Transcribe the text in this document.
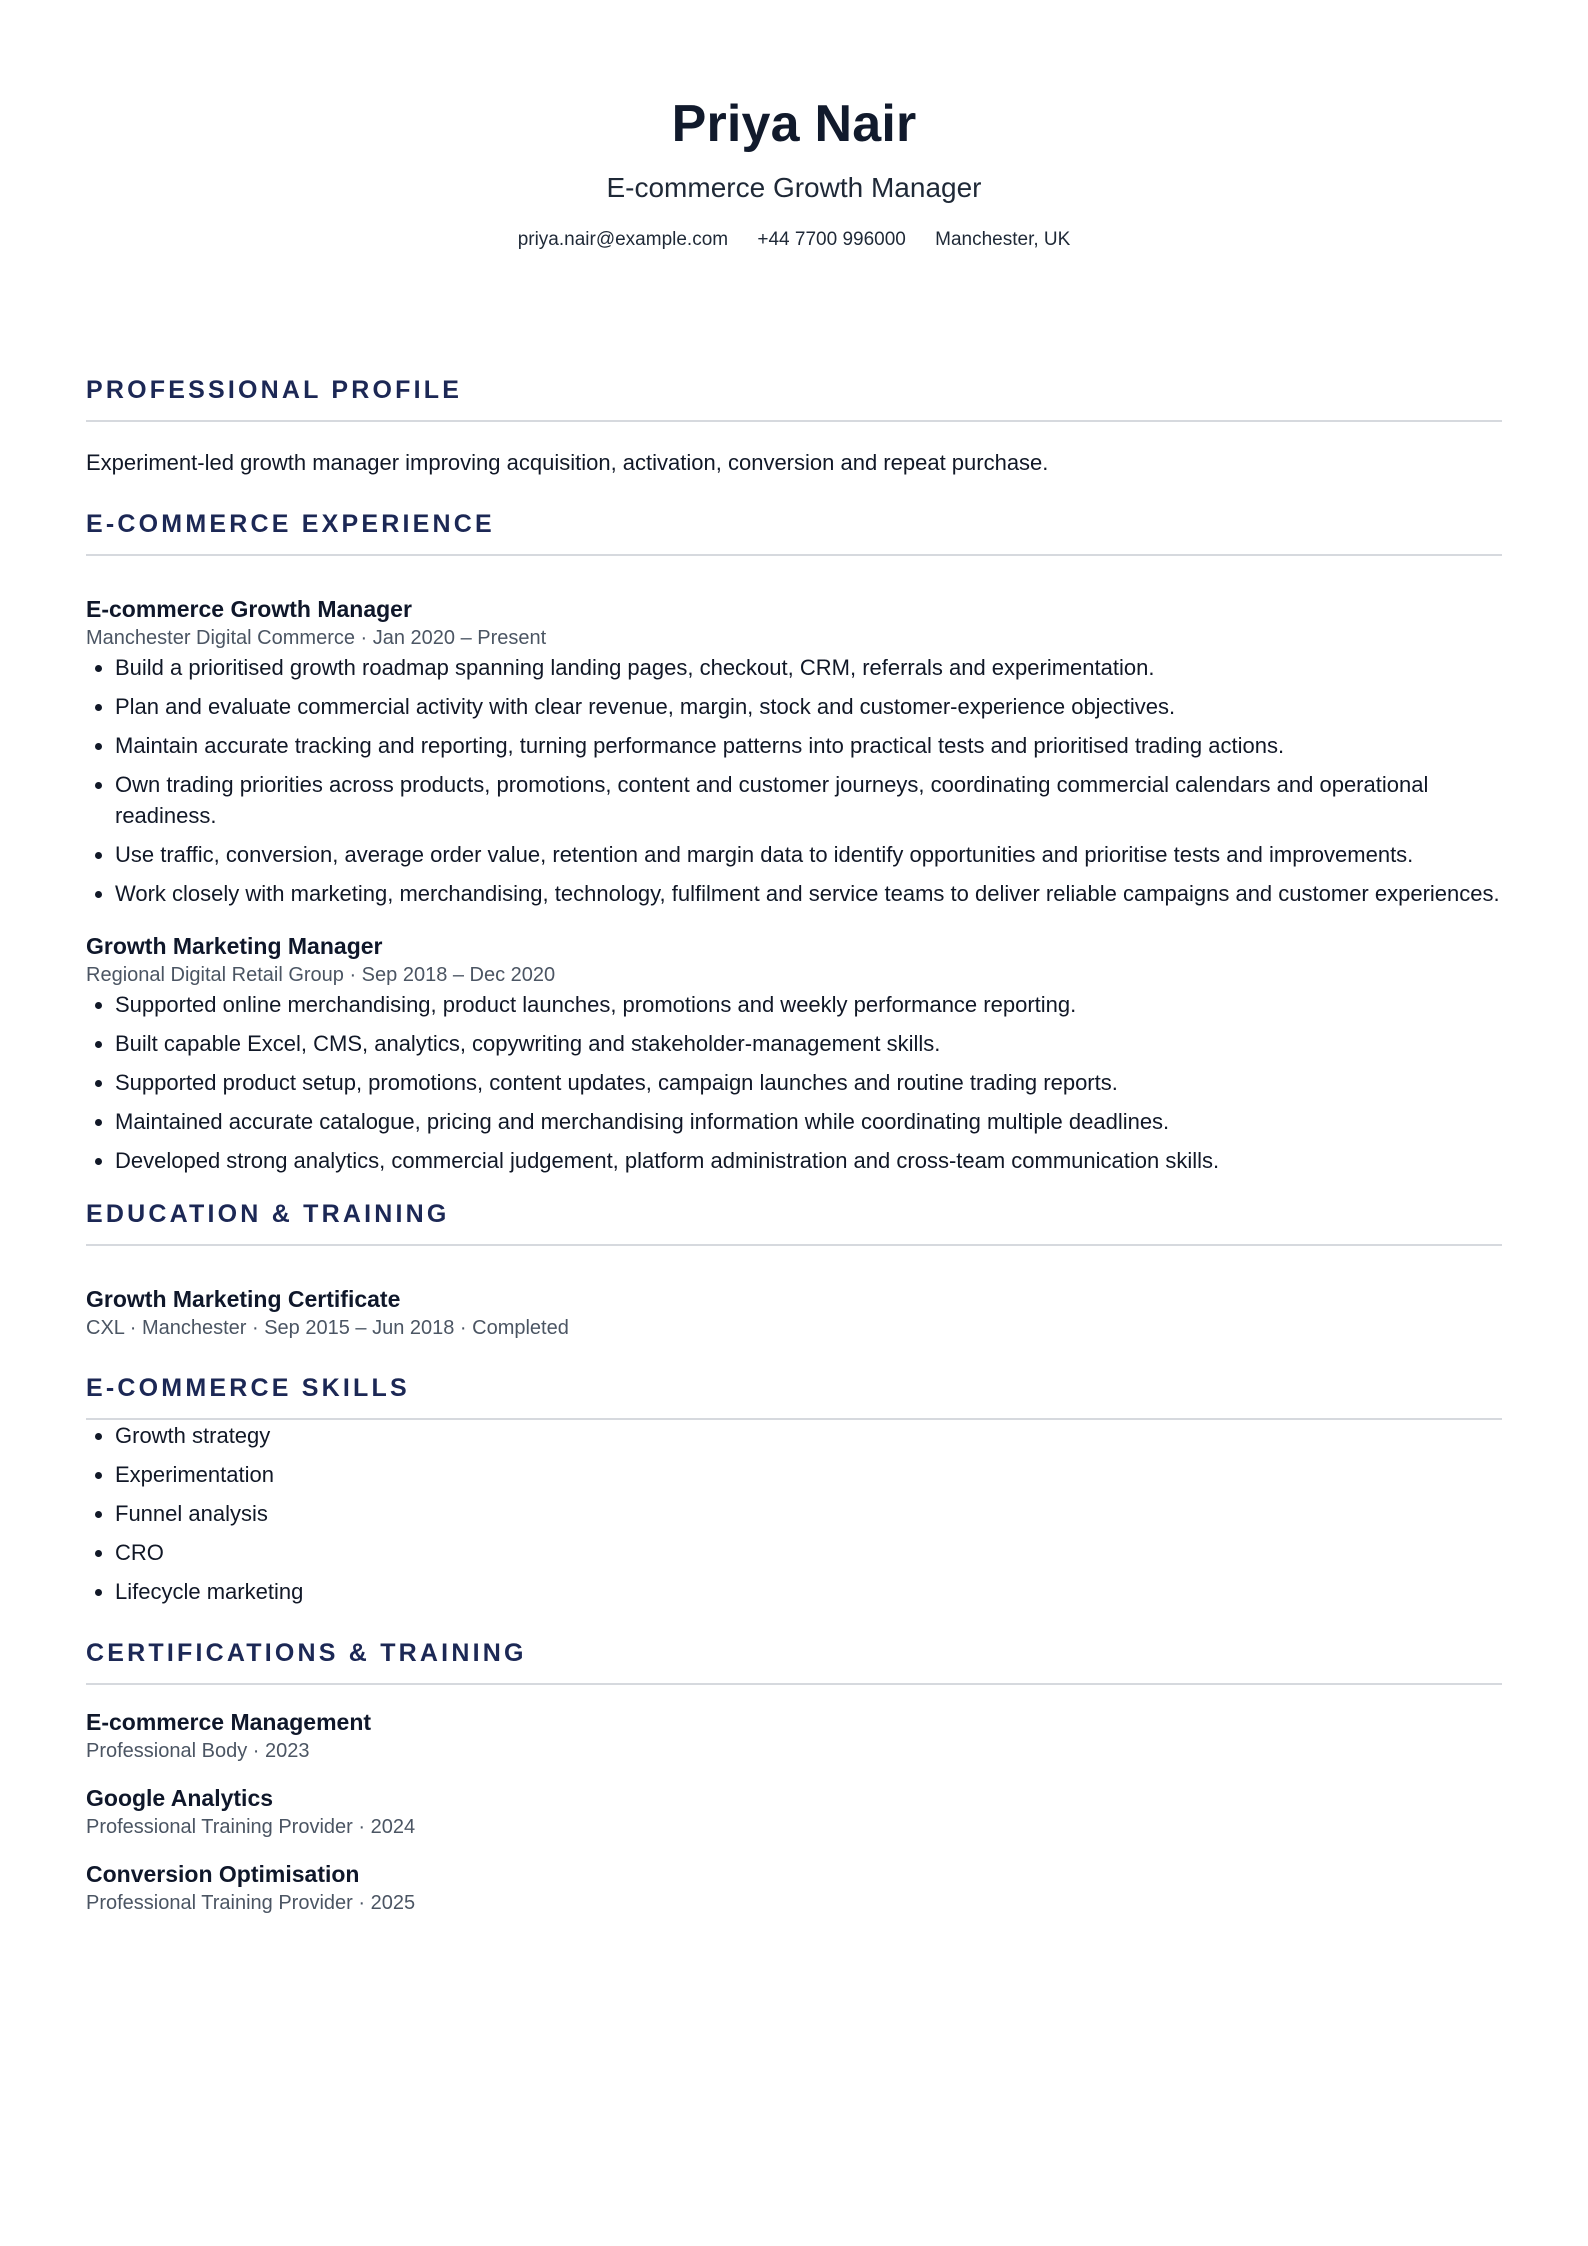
Priya Nair
E-commerce Growth Manager
priya.nair@example.com +44 7700 996000 Manchester, UK
PROFESSIONAL PROFILE

Experiment-led growth manager improving acquisition, activation, conversion and repeat purchase.

E-COMMERCE EXPERIENCE
E-commerce Growth Manager
Manchester Digital Commerce · Jan 2020 – Present
• Build a prioritised growth roadmap spanning landing pages, checkout, CRM, referrals and experimentation.
• Plan and evaluate commercial activity with clear revenue, margin, stock and customer-experience objectives.
• Maintain accurate tracking and reporting, turning performance patterns into practical tests and prioritised trading actions.
• Own trading priorities across products, promotions, content and customer journeys, coordinating commercial calendars and operational readiness.
• Use traffic, conversion, average order value, retention and margin data to identify opportunities and prioritise tests and improvements.
• Work closely with marketing, merchandising, technology, fulfilment and service teams to deliver reliable campaigns and customer experiences.
Growth Marketing Manager
Regional Digital Retail Group · Sep 2018 – Dec 2020
• Supported online merchandising, product launches, promotions and weekly performance reporting.
• Built capable Excel, CMS, analytics, copywriting and stakeholder-management skills.
• Supported product setup, promotions, content updates, campaign launches and routine trading reports.
• Maintained accurate catalogue, pricing and merchandising information while coordinating multiple deadlines.
• Developed strong analytics, commercial judgement, platform administration and cross-team communication skills.
EDUCATION & TRAINING
Growth Marketing Certificate
CXL · Manchester · Sep 2015 – Jun 2018 · Completed
E-COMMERCE SKILLS
• Growth strategy
• Experimentation
• Funnel analysis
• CRO
• Lifecycle marketing
CERTIFICATIONS & TRAINING
E-commerce Management
Professional Body · 2023
Google Analytics
Professional Training Provider · 2024
Conversion Optimisation
Professional Training Provider · 2025
